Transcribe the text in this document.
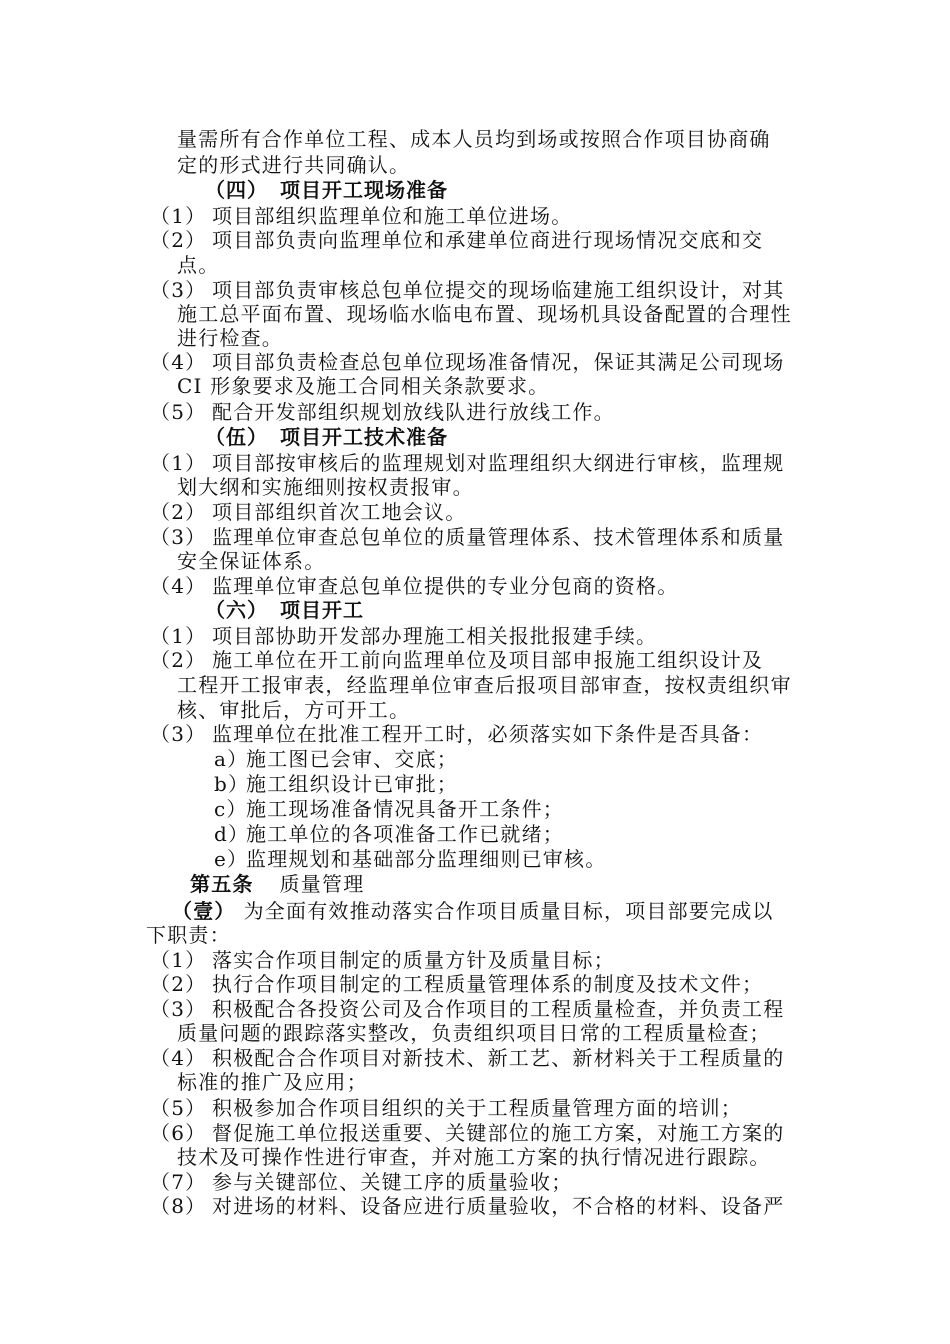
量需所有合作单位工程、成本人员均到场或按照合作项目协商确
定的形式进行共同确认。
（四） 项目开工现场准备
（1） 项目部组织监理单位和施工单位进场。
（2） 项目部负责向监理单位和承建单位商进行现场情况交底和交
点。
（3） 项目部负责审核总包单位提交的现场临建施工组织设计，对其
施工总平面布置、现场临水临电布置、现场机具设备配置的合理性
进行检查。
（4） 项目部负责检查总包单位现场准备情况，保证其满足公司现场
CI 形象要求及施工合同相关条款要求。
（5） 配合开发部组织规划放线队进行放线工作。
（伍） 项目开工技术准备
（1） 项目部按审核后的监理规划对监理组织大纲进行审核，监理规
划大纲和实施细则按权责报审。
（2） 项目部组织首次工地会议。
（3） 监理单位审查总包单位的质量管理体系、技术管理体系和质量
安全保证体系。
（4） 监理单位审查总包单位提供的专业分包商的资格。
（六） 项目开工
（1） 项目部协助开发部办理施工相关报批报建手续。
（2） 施工单位在开工前向监理单位及项目部申报施工组织设计及
工程开工报审表，经监理单位审查后报项目部审查，按权责组织审
核、审批后，方可开工。
（3） 监理单位在批准工程开工时，必须落实如下条件是否具备：
a）施工图已会审、交底；
b）施工组织设计已审批；
c）施工现场准备情况具备开工条件；
d）施工单位的各项准备工作已就绪；
e）监理规划和基础部分监理细则已审核。
第五条 质量管理
（壹） 为全面有效推动落实合作项目质量目标，项目部要完成以
下职责：
（1） 落实合作项目制定的质量方针及质量目标；
（2） 执行合作项目制定的工程质量管理体系的制度及技术文件；
（3） 积极配合各投资公司及合作项目的工程质量检查，并负责工程
质量问题的跟踪落实整改，负责组织项目日常的工程质量检查；
（4） 积极配合合作项目对新技术、新工艺、新材料关于工程质量的
标准的推广及应用；
（5） 积极参加合作项目组织的关于工程质量管理方面的培训；
（6） 督促施工单位报送重要、关键部位的施工方案，对施工方案的
技术及可操作性进行审查，并对施工方案的执行情况进行跟踪。
（7） 参与关键部位、关键工序的质量验收；
（8） 对进场的材料、设备应进行质量验收，不合格的材料、设备严
